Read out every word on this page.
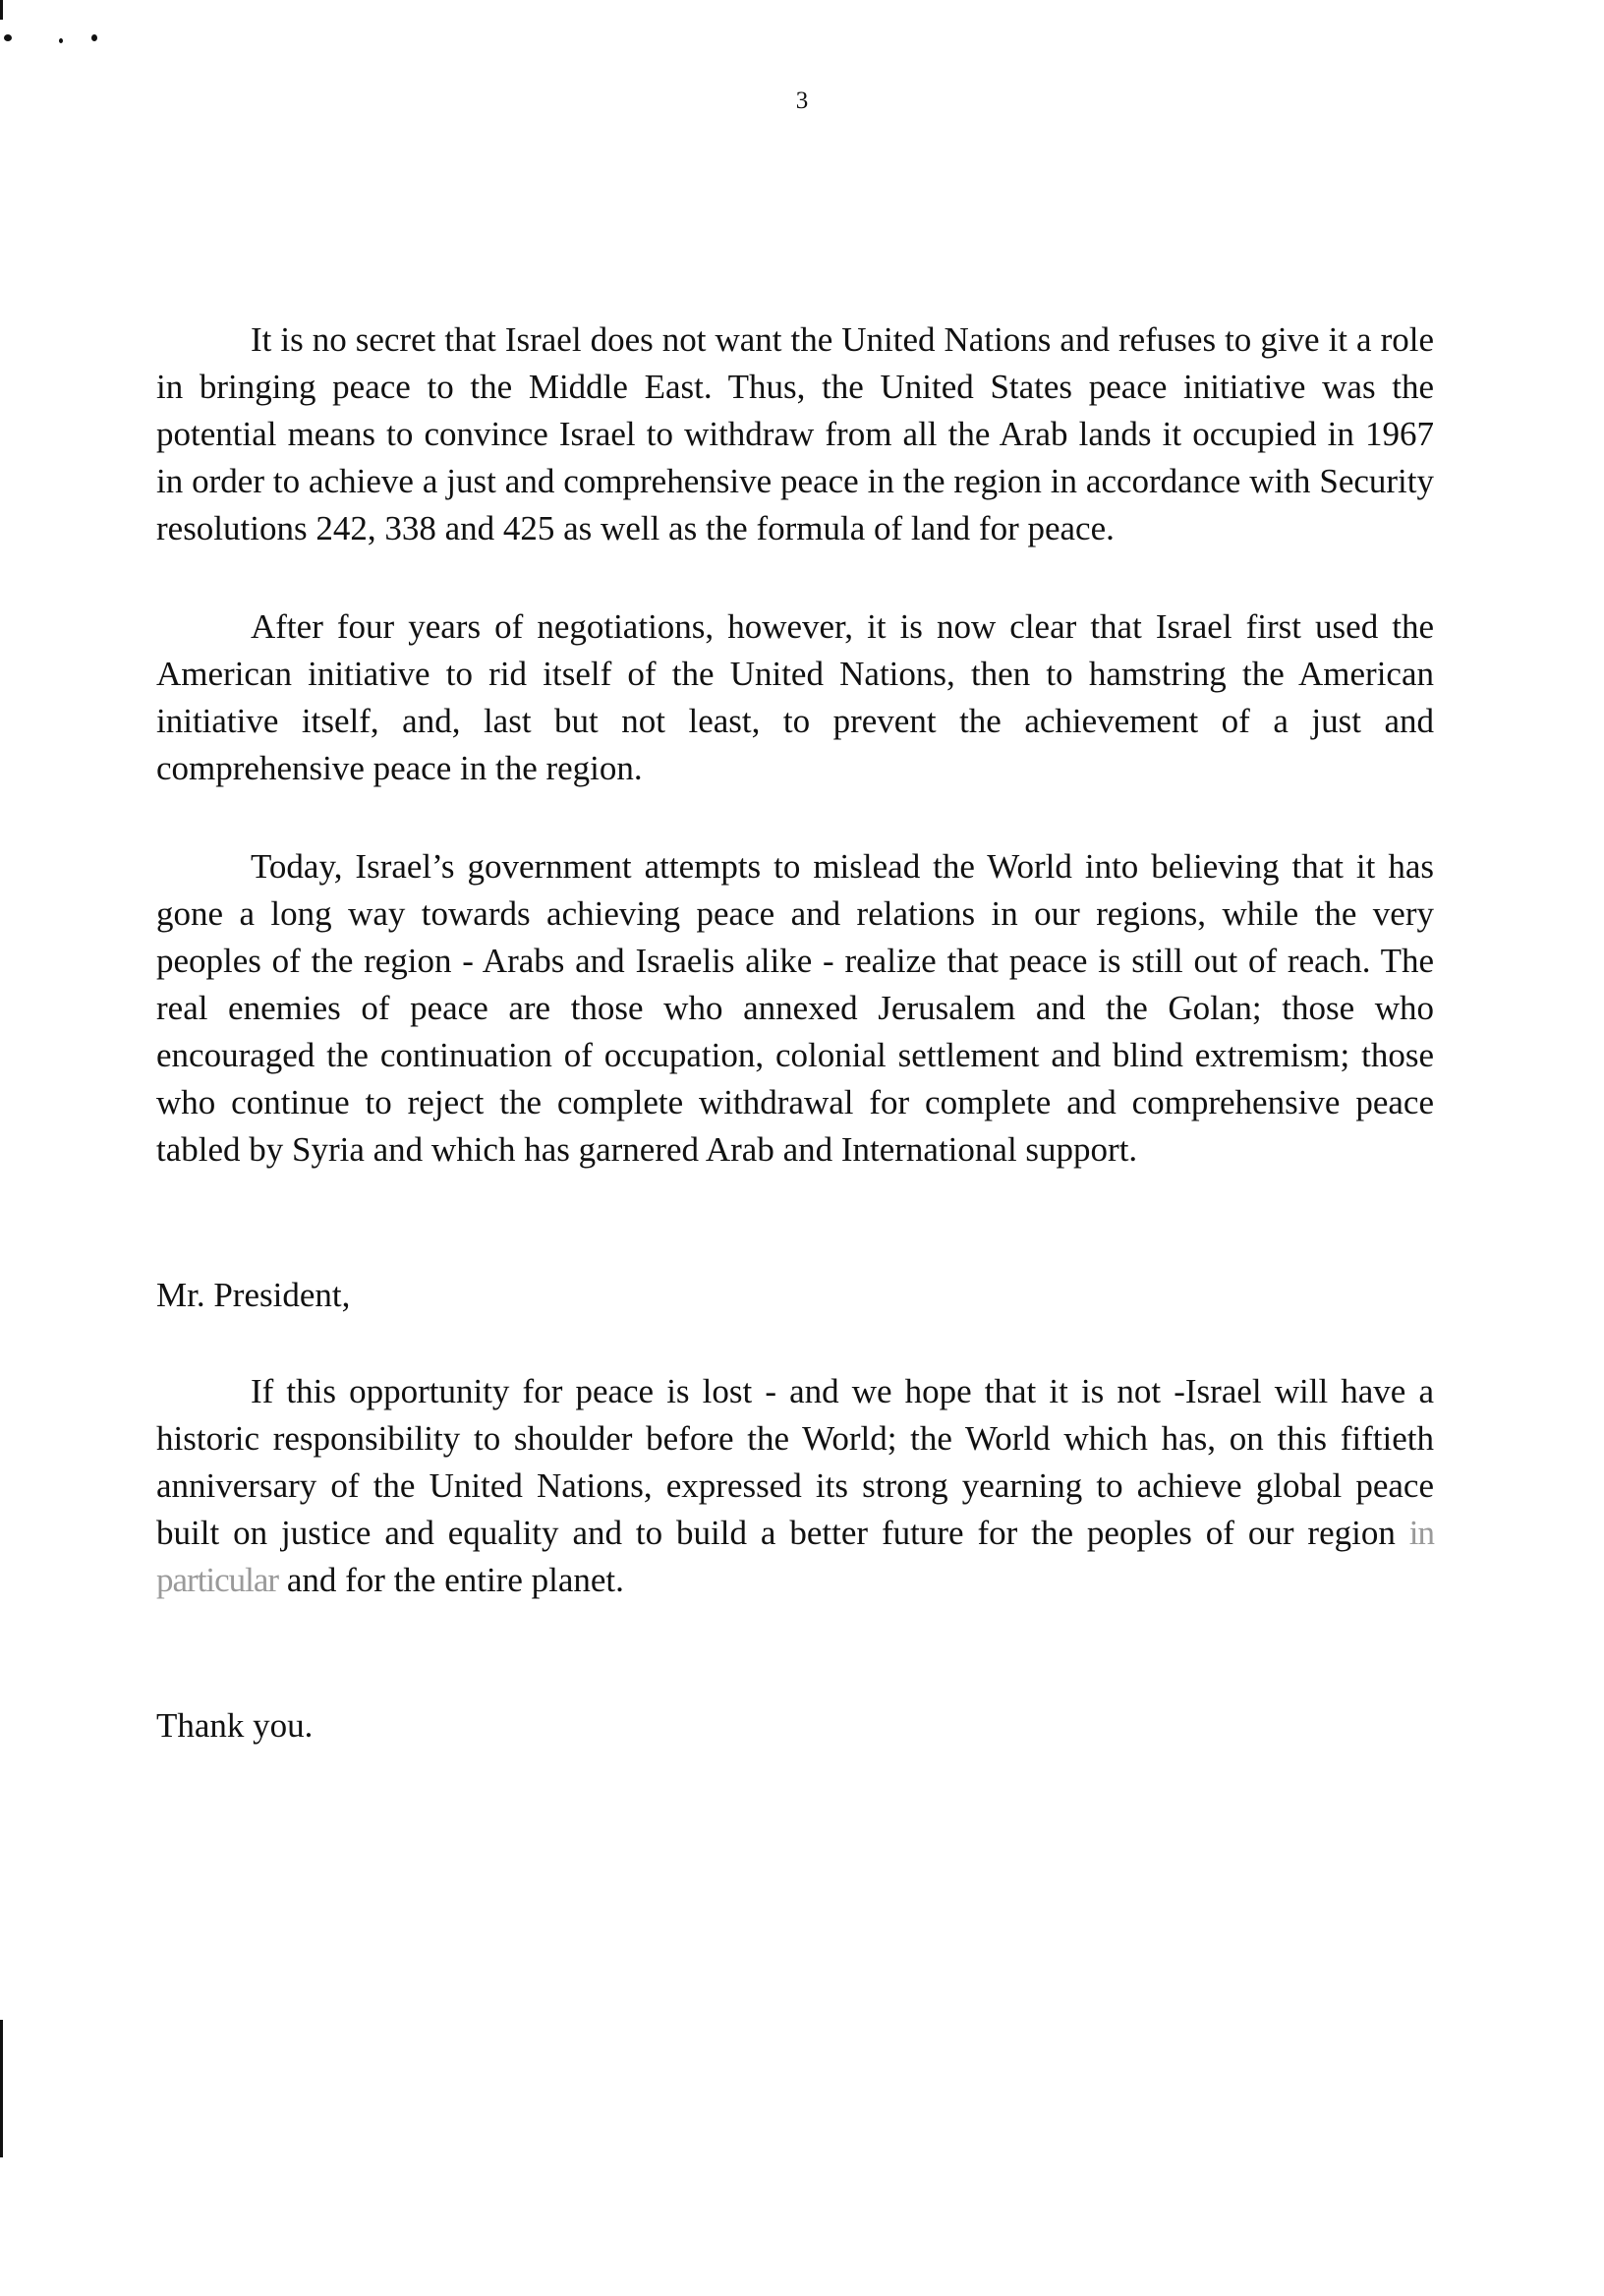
3

It is no secret that Israel does not want the United Nations and refuses to give it a role in bringing peace to the Middle East. Thus, the United States peace initiative was the potential means to convince Israel to withdraw from all the Arab lands it occupied in 1967 in order to achieve a just and comprehensive peace in the region in accordance with Security resolutions 242, 338 and 425 as well as the formula of land for peace.

After four years of negotiations, however, it is now clear that Israel first used the American initiative to rid itself of the United Nations, then to hamstring the American initiative itself, and, last but not least, to prevent the achievement of a just and comprehensive peace in the region.

Today, Israel’s government attempts to mislead the World into believing that it has gone a long way towards achieving peace and relations in our regions, while the very peoples of the region - Arabs and Israelis alike - realize that peace is still out of reach. The real enemies of peace are those who annexed Jerusalem and the Golan; those who encouraged the continuation of occupation, colonial settlement and blind extremism; those who continue to reject the complete withdrawal for complete and comprehensive peace tabled by Syria and which has garnered Arab and International support.

Mr. President,

If this opportunity for peace is lost - and we hope that it is not -Israel will have a historic responsibility to shoulder before the World; the World which has, on this fiftieth anniversary of the United Nations, expressed its strong yearning to achieve global peace built on justice and equality and to build a better future for the peoples of our region in particular and for the entire planet.

Thank you.
